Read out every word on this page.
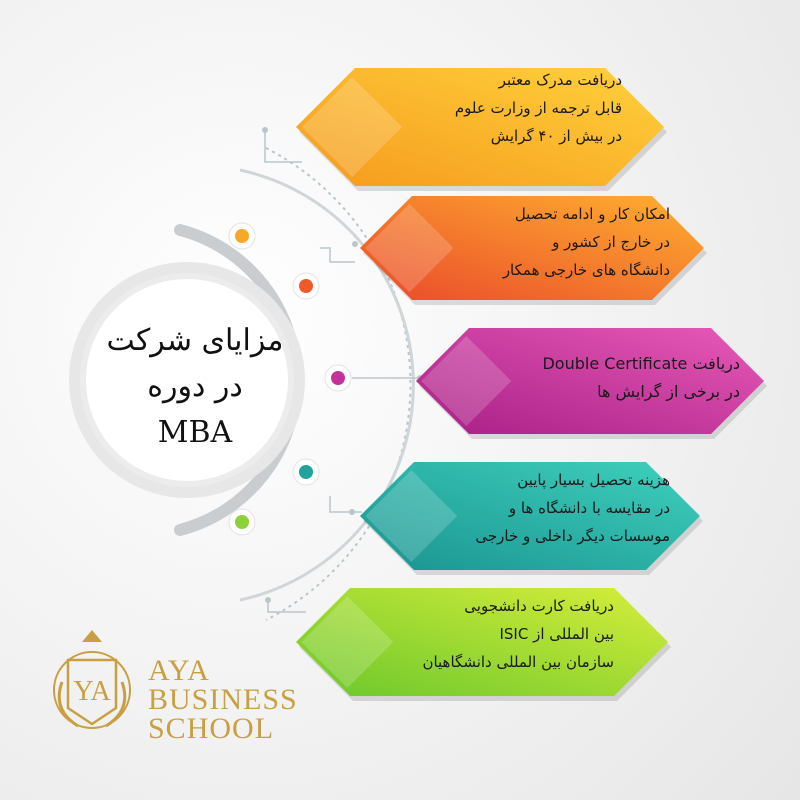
YA
مزایای شرکت
در دوره
MBA
دریافت مدرک معتبر
قابل ترجمه از وزارت علوم
در بیش از ۴۰ گرایش
امکان کار و ادامه تحصیل
در خارج از کشور و
دانشگاه های خارجی همکار
دریافت Double Certificate
در برخی از گرایش ها
هزینه تحصیل بسیار پایین
در مقایسه با دانشگاه ها و
موسسات دیگر داخلی و خارجی
دریافت کارت دانشجویی
بین المللی از ISIC
سازمان بین المللی دانشگاهیان
AYA
BUSINESS
SCHOOL
